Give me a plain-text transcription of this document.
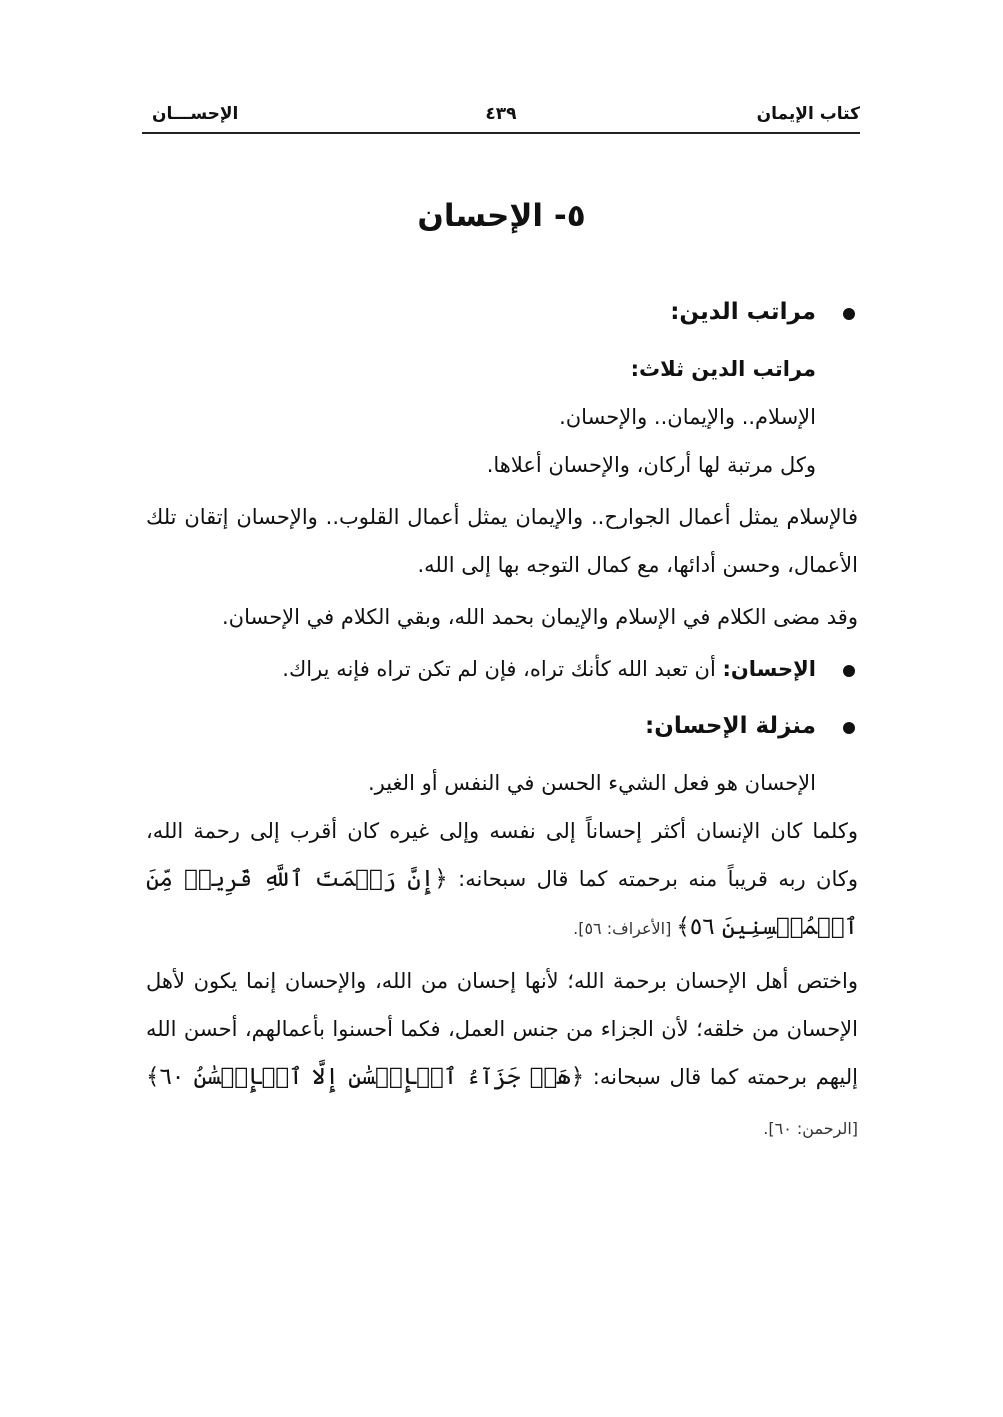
كتاب الإيمان
٤٣٩
الإحســـان
٥- الإحسان

مراتب الدين:

مراتب الدين ثلاث:

الإسلام.. والإيمان.. والإحسان.

وكل مرتبة لها أركان، والإحسان أعلاها.

فالإسلام يمثل أعمال الجوارح.. والإيمان يمثل أعمال القلوب.. والإحسان إتقان تلك الأعمال، وحسن أدائها، مع كمال التوجه بها إلى الله.

وقد مضى الكلام في الإسلام والإيمان بحمد الله، وبقي الكلام في الإحسان.

الإحسان: أن تعبد الله كأنك تراه، فإن لم تكن تراه فإنه يراك.

منزلة الإحسان:

الإحسان هو فعل الشيء الحسن في النفس أو الغير.

وكلما كان الإنسان أكثر إحساناً إلى نفسه وإلى غيره كان أقرب إلى رحمة الله، وكان ربه قريباً منه برحمته كما قال سبحانه: ﴿إِنَّ رَحۡمَتَ ٱللَّهِ قَرِيبٞ مِّنَ ٱلۡمُحۡسِنِينَ ٥٦﴾ [الأعراف: ٥٦].

واختص أهل الإحسان برحمة الله؛ لأنها إحسان من الله، والإحسان إنما يكون لأهل الإحسان من خلقه؛ لأن الجزاء من جنس العمل، فكما أحسنوا بأعمالهم، أحسن الله إليهم برحمته كما قال سبحانه: ﴿هَلۡ جَزَآءُ ٱلۡإِحۡسَٰنِ إِلَّا ٱلۡإِحۡسَٰنُ ٦٠﴾ [الرحمن: ٦٠].
